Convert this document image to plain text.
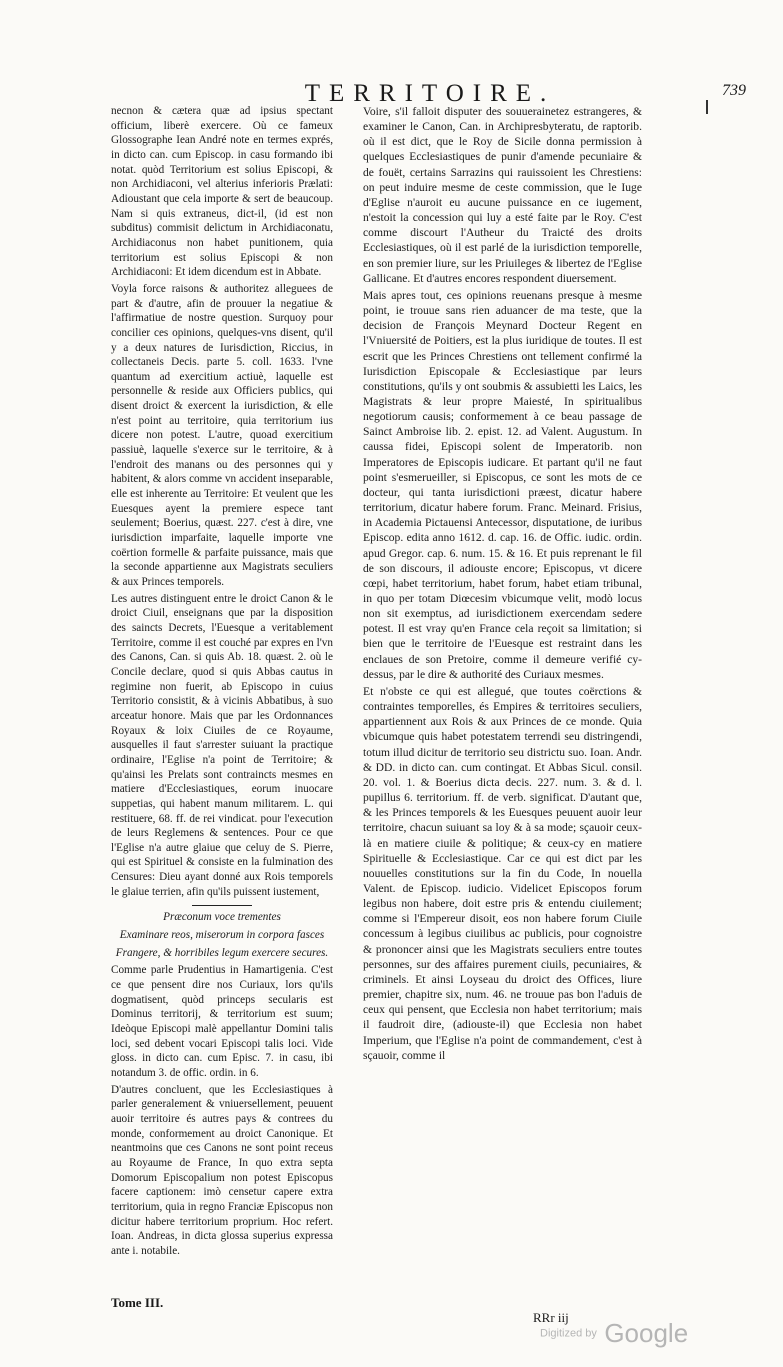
TERRITOIRE.	739

necnon & cætera quæ ad ipsius spectant officium, liberè exercere. Où ce fameux Glossographe Iean André note en termes exprés, in dicto can. cum Episcop. in casu formando ibi notat. quòd Territorium est solius Episcopi, & non Archidiaconi, vel alterius inferioris Prælati: Adioustant que cela importe & sert de beaucoup. Nam si quis extraneus, dict-il, (id est non subditus) commisit delictum in Archidiaconatu, Archidiaconus non habet punitionem, quia territorium est solius Episcopi & non Archidiaconi: Et idem dicendum est in Abbate.

Voyla force raisons & authoritez alleguees de part & d'autre, afin de prouuer la negatiue & l'affirmatiue de nostre question. Surquoy pour concilier ces opinions, quelques-vns disent, qu'il y a deux natures de Iurisdiction, Riccius, in collectaneis Decis. parte 5. coll. 1633. l'vne quantum ad exercitium actiuè, laquelle est personnelle & reside aux Officiers publics, qui disent droict & exercent la iurisdiction, & elle n'est point au territoire, quia territorium ius dicere non potest. L'autre, quoad exercitium passiuè, laquelle s'exerce sur le territoire, & à l'endroit des manans ou des personnes qui y habitent, & alors comme vn accident inseparable, elle est inherente au Territoire: Et veulent que les Euesques ayent la premiere espece tant seulement; Boerius, quæst. 227. c'est à dire, vne iurisdiction imparfaite, laquelle importe vne coërtion formelle & parfaite puissance, mais que la seconde appartienne aux Magistrats seculiers & aux Princes temporels.

Les autres distinguent entre le droict Canon & le droict Ciuil, enseignans que par la disposition des saincts Decrets, l'Euesque a veritablement Territoire, comme il est couché par expres en l'vn des Canons, Can. si quis Ab. 18. quæst. 2. où le Concile declare, quod si quis Abbas cautus in regimine non fuerit, ab Episcopo in cuius Territorio consistit, & à vicinis Abbatibus, à suo arceatur honore. Mais que par les Ordonnances Royaux & loix Ciuiles de ce Royaume, ausquelles il faut s'arrester suiuant la practique ordinaire, l'Eglise n'a point de Territoire; & qu'ainsi les Prelats sont contraincts mesmes en matiere d'Ecclesiastiques, eorum inuocare suppetias, qui habent manum militarem. L. qui restituere, 68. ff. de rei vindicat. pour l'execution de leurs Reglemens & sentences. Pour ce que l'Eglise n'a autre glaiue que celuy de S. Pierre, qui est Spirituel & consiste en la fulmination des Censures: Dieu ayant donné aux Rois temporels le glaiue terrien, afin qu'ils puissent iustement,

Præconum voce trementes
Examinare reos, miserorum in corpora fasces
Frangere, & horribiles legum exercere secures.

Comme parle Prudentius in Hamartigenia. C'est ce que pensent dire nos Curiaux, lors qu'ils dogmatisent, quòd princeps secularis est Dominus territorij, & territorium est suum; Ideòque Episcopi malè appellantur Domini talis loci, sed debent vocari Episcopi talis loci. Vide gloss. in dicto can. cum Episc. 7. in casu, ibi notandum 3. de offic. ordin. in 6.

D'autres concluent, que les Ecclesiastiques à parler generalement & vniuersellement, peuuent auoir territoire és autres pays & contrees du monde, conformement au droict Canonique. Et neantmoins que ces Canons ne sont point receus au Royaume de France, In quo extra septa Domorum Episcopalium non potest Episcopus facere captionem: imò censetur capere extra territorium, quia in regno Franciæ Episcopus non dicitur habere territorium proprium. Hoc refert. Ioan. Andreas, in dicta glossa superius expressa ante i. notabile.

Voire, s'il falloit disputer des souuerainetez estrangeres, & examiner le Canon, Can. in Archipresbyteratu, de raptorib. où il est dict, que le Roy de Sicile donna permission à quelques Ecclesiastiques de punir d'amende pecuniaire & de fouët, certains Sarrazins qui rauissoient les Chrestiens: on peut induire mesme de ceste commission, que le Iuge d'Eglise n'auroit eu aucune puissance en ce iugement, n'estoit la concession qui luy a esté faite par le Roy. C'est comme discourt l'Autheur du Traicté des droits Ecclesiastiques, où il est parlé de la iurisdiction temporelle, en son premier liure, sur les Priuileges & libertez de l'Eglise Gallicane. Et d'autres encores respondent diuersement.

Mais apres tout, ces opinions reuenans presque à mesme point, ie trouue sans rien aduancer de ma teste, que la decision de François Meynard Docteur Regent en l'Vniuersité de Poitiers, est la plus iuridique de toutes. Il est escrit que les Princes Chrestiens ont tellement confirmé la Iurisdiction Episcopale & Ecclesiastique par leurs constitutions, qu'ils y ont soubmis & assubietti les Laics, les Magistrats & leur propre Maiesté, In spiritualibus negotiorum causis; conformement à ce beau passage de Sainct Ambroise lib. 2. epist. 12. ad Valent. Augustum. In caussa fidei, Episcopi solent de Imperatorib. non Imperatores de Episcopis iudicare. Et partant qu'il ne faut point s'esmerueiller, si Episcopus, ce sont les mots de ce docteur, qui tanta iurisdictioni præest, dicatur habere territorium, dicatur habere forum. Franc. Meinard. Frisius, in Academia Pictauensi Antecessor, disputatione, de iuribus Episcop. edita anno 1612. d. cap. 16. de Offic. iudic. ordin. apud Gregor. cap. 6. num. 15. & 16. Et puis reprenant le fil de son discours, il adiouste encore; Episcopus, vt dicere cœpi, habet territorium, habet forum, habet etiam tribunal, in quo per totam Diœcesim vbicumque velit, modò locus non sit exemptus, ad iurisdictionem exercendam sedere potest. Il est vray qu'en France cela reçoit sa limitation; si bien que le territoire de l'Euesque est restraint dans les enclaues de son Pretoire, comme il demeure verifié cy-dessus, par le dire & authorité des Curiaux mesmes.

Et n'obste ce qui est allegué, que toutes coërctions & contraintes temporelles, és Empires & territoires seculiers, appartiennent aux Rois & aux Princes de ce monde. Quia vbicumque quis habet potestatem terrendi seu distringendi, totum illud dicitur de territorio seu districtu suo. Ioan. Andr. & DD. in dicto can. cum contingat. Et Abbas Sicul. consil. 20. vol. 1. & Boerius dicta decis. 227. num. 3. & d. l. pupillus 6. territorium. ff. de verb. significat. D'autant que, & les Princes temporels & les Euesques peuuent auoir leur territoire, chacun suiuant sa loy & à sa mode; sçauoir ceux-là en matiere ciuile & politique; & ceux-cy en matiere Spirituelle & Ecclesiastique. Car ce qui est dict par les nouuelles constitutions sur la fin du Code, In nouella Valent. de Episcop. iudicio. Videlicet Episcopos forum legibus non habere, doit estre pris & entendu ciuilement; comme si l'Empereur disoit, eos non habere forum Ciuile concessum à legibus ciuilibus ac publicis, pour cognoistre & prononcer ainsi que les Magistrats seculiers entre toutes personnes, sur des affaires purement ciuils, pecuniaires, & criminels. Et ainsi Loyseau du droict des Offices, liure premier, chapitre six, num. 46. ne trouue pas bon l'aduis de ceux qui pensent, que Ecclesia non habet territorium; mais il faudroit dire, (adiouste-il) que Ecclesia non habet Imperium, que l'Eglise n'a point de commandement, c'est à sçauoir, comme il

Tome III.
RRr iij
Digitized by Google
